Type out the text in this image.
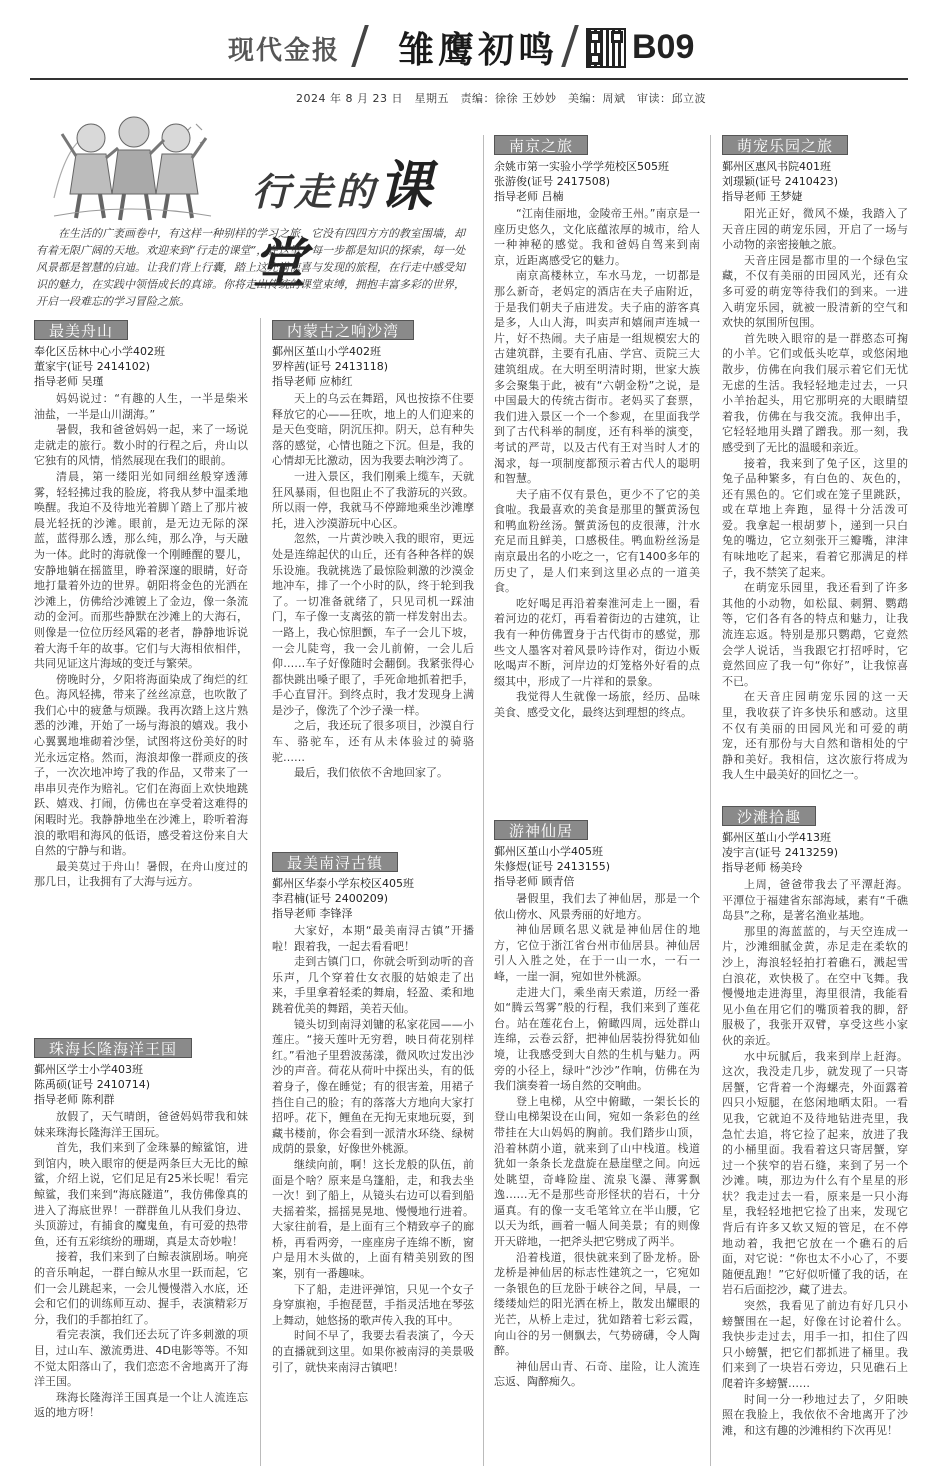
现代金报 雏鹰初鸣 B09
2024 年 8 月 23 日　星期五　责编：徐徐 王妙妙　美编：周斌　审读：邱立波
行走的课堂
在生活的广袤画卷中，有这样一种别样的学习之旅，它没有四四方方的教室围墙，却有着无限广阔的天地。欢迎来到“行走的课堂”，在这里，每一步都是知识的探索，每一处风景都是智慧的启迪。让我们背上行囊，踏上这充满惊喜与发现的旅程，在行走中感受知识的魅力，在实践中领悟成长的真谛。你将走出传统的课堂束缚，拥抱丰富多彩的世界，开启一段难忘的学习冒险之旅。
最美舟山
奉化区岳林中心小学402班
董家宇(证号 2414102)
指导老师 吴瑾

妈妈说过：“有趣的人生，一半是柴米油盐，一半是山川湖海。”

暑假，我和爸爸妈妈一起，来了一场说走就走的旅行。数小时的行程之后，舟山以它独有的风情，悄然展现在我们的眼前。

清晨，第一缕阳光如同细丝般穿透薄雾，轻轻拂过我的脸庞，将我从梦中温柔地唤醒。我迫不及待地光着脚丫踏上了那片被晨光轻抚的沙滩。眼前，是无边无际的深蓝，蓝得那么透，那么纯，那么净，与天融为一体。此时的海就像一个刚睡醒的婴儿，安静地躺在摇篮里，睁着深邃的眼睛，好奇地打量着外边的世界。朝阳将金色的光洒在沙滩上，仿佛给沙滩镀上了金边，像一条流动的金河。而那些静默在沙滩上的大海石，则像是一位位历经风霜的老者，静静地诉说着大海千年的故事。它们与大海相依相伴，共同见证这片海域的变迁与繁荣。

傍晚时分，夕阳将海面染成了绚烂的红色。海风轻拂，带来了丝丝凉意，也吹散了我们心中的疲惫与烦躁。我再次踏上这片熟悉的沙滩，开始了一场与海浪的嬉戏。我小心翼翼地堆砌着沙堡，试图将这份美好的时光永远定格。然而，海浪却像一群顽皮的孩子，一次次地冲垮了我的作品，又带来了一串串贝壳作为赔礼。它们在海面上欢快地跳跃、嬉戏、打闹，仿佛也在享受着这难得的闲暇时光。我静静地坐在沙滩上，聆听着海浪的歌唱和海风的低语，感受着这份来自大自然的宁静与和谐。

最美莫过于舟山！暑假，在舟山度过的那几日，让我拥有了大海与远方。

珠海长隆海洋王国
鄞州区学士小学403班
陈禹硕(证号 2410714)
指导老师 陈利群

放假了，天气晴朗，爸爸妈妈带我和妹妹来珠海长隆海洋王国玩。

首先，我们来到了金珠暴的鲸鲨馆，进到馆内，映入眼帘的便是两条巨大无比的鲸鲨，介绍上说，它们足足有25米长呢！看完鲸鲨，我们来到“海底隧道”，我仿佛像真的进入了海底世界！一群群鱼儿从我们身边、头顶游过，有捕食的魔鬼鱼，有可爱的热带鱼，还有五彩缤纷的珊瑚，真是太奇妙啦！

接着，我们来到了白鲸表演剧场。响亮的音乐响起，一群白鲸从水里一跃而起，它们一会儿跳起来，一会儿慢慢潜入水底，还会和它们的训练师互动、握手，表演精彩万分，我们的手都拍红了。

看完表演，我们还去玩了许多刺激的项目，过山车、激流勇进、4D电影等等。不知不觉太阳落山了，我们恋恋不舍地离开了海洋王国。

珠海长隆海洋王国真是一个让人流连忘返的地方呀！

内蒙古之响沙湾
鄞州区堇山小学402班
罗梓茜(证号 2413118)
指导老师 应柿红

天上的乌云在舞蹈，风也按捺不住要释放它的心——狂吹，地上的人们迎来的是天色变暗，阴沉压抑。阴天，总有种失落的感觉，心情也随之下沉。但是，我的心情却无比激动，因为我要去响沙湾了。

一进入景区，我们刚乘上缆车，天就狂风暴雨，但也阻止不了我游玩的兴致。所以雨一停，我就马不停蹄地乘坐沙滩摩托，进入沙漠游玩中心区。

忽然，一片黄沙映入我的眼帘，更远处是连绵起伏的山丘，还有各种各样的娱乐设施。我就挑选了最惊险刺激的沙漠金地冲车，排了一个小时的队，终于轮到我了。一切准备就绪了，只见司机一踩油门，车子像一支离弦的箭一样发射出去。一路上，我心惊胆颤，车子一会儿下坡，一会儿陡弯，我一会儿前俯，一会儿后仰……车子好像随时会翻倒。我紧张得心都快跳出嗓子眼了，手死命地抓着把手，手心直冒汗。到终点时，我才发现身上满是沙子，像洗了个沙子澡一样。

之后，我还玩了很多项目，沙漠自行车、骆驼车，还有从未体验过的骑骆驼……

最后，我们依依不舍地回家了。

最美南浔古镇
鄞州区华泰小学东校区405班
李君楠(证号 2400209)
指导老师 李锋泽

大家好，本期“最美南浔古镇”开播啦！跟着我，一起去看看吧！

走到古镇门口，你就会听到动听的音乐声，几个穿着仕女衣服的姑娘走了出来，手里拿着轻柔的舞扇，轻盈、柔和地跳着优美的舞蹈，美若天仙。

镜头切到南浔刘镛的私家花园——小莲庄。“接天莲叶无穷碧，映日荷花别样红。”看池子里碧波荡漾，微风吹过发出沙沙的声音。荷花从荷叶中探出头，有的低着身子，像在睡觉；有的很害羞，用裙子挡住自己的脸；有的落落大方地向大家打招呼。花下，鲤鱼在无拘无束地玩耍，到藏书楼前，你会看到一派清水环绕、绿树成荫的景象，好像世外桃源。

继续向前，啊！这长龙般的队伍，前面是个啥？原来是乌篷船，走，和我去坐一次！到了船上，从镜头右边可以看到船夫摇着桨，摇摇晃晃地、慢慢地行进着。大家往前看，是上面有三个精致亭子的廊桥，再看两旁，一座座房子连绵不断，窗户是用木头做的，上面有精美别致的图案，别有一番趣味。

下了船，走进评弹馆，只见一个女子身穿旗袍，手抱琵琶，手指灵活地在琴弦上舞动，她悠扬的歌声传入我的耳中。

时间不早了，我要去看表演了，今天的直播就到这里。如果你被南浔的美景吸引了，就快来南浔古镇吧！

南京之旅
余姚市第一实验小学学苑校区505班
张游俊(证号 2417508)
指导老师 吕楠

“江南佳丽地，金陵帝王州。”南京是一座历史悠久，文化底蕴浓厚的城市，给人一种神秘的感觉。我和爸妈自驾来到南京，近距离感受它的魅力。

南京高楼林立，车水马龙，一切都是那么新奇，老妈定的酒店在夫子庙附近，于是我们朝夫子庙进发。夫子庙的游客真是多，人山人海，叫卖声和嬉闹声连城一片，好不热闹。夫子庙是一组规模宏大的古建筑群，主要有孔庙、学宫、贡院三大建筑组成。在大明至明清时期，世家大族多会聚集于此，被有“六朝金粉”之说，是中国最大的传统古街市。老妈买了套票，我们进入景区一个一个参观，在里面我学到了古代科举的制度，还有科举的演变，考试的严苛，以及古代有王对当时人才的渴求，每一项制度都预示着古代人的聪明和智慧。

夫子庙不仅有景色，更少不了它的美食啦。我最喜欢的美食是那里的蟹黄汤包和鸭血粉丝汤。蟹黄汤包的皮很薄，汁水充足而且鲜美，口感极佳。鸭血粉丝汤是南京最出名的小吃之一，它有1400多年的历史了，是人们来到这里必点的一道美食。

吃好喝足再沿着秦淮河走上一圈，看着河边的花灯，再看着街边的古建筑，让我有一种仿佛置身于古代街市的感觉，那些文人墨客对着风景吟诗作对，街边小贩吆喝声不断，河岸边的灯笼格外好看的点缀其中，形成了一片祥和的景象。

我觉得人生就像一场旅，经历、品味美食、感受文化，最终达到理想的终点。

游神仙居
鄞州区堇山小学405班
朱修煜(证号 2413155)
指导老师 顾青倍

暑假里，我们去了神仙居，那是一个依山傍水、风景秀丽的好地方。

神仙居顾名思义就是神仙居住的地方，它位于浙江省台州市仙居县。神仙居引人入胜之处，在于一山一水，一石一峰，一崖一洞，宛如世外桃源。

走进大门，乘坐南天索道，历经一番如“腾云驾雾”般的行程，我们来到了莲花台。站在莲花台上，俯瞰四周，远处群山连绵，云卷云舒，把神仙居装扮得犹如仙境，让我感受到大自然的生机与魅力。两旁的小径上，绿叶“沙沙”作响，仿佛在为我们演奏着一场自然的交响曲。

登上电梯，从空中俯瞰，一架长长的登山电梯架设在山间，宛如一条彩色的丝带挂在大山妈妈的胸前。我们踏步山顶，沿着林荫小道，就来到了山中栈道。栈道犹如一条条长龙盘旋在悬崖壁之间。向远处眺望，奇峰险崖、流泉飞瀑、薄雾飘逸……无不是那些奇形怪状的岩石，十分逼真。有的像一支毛笔耸立在半山腰，它以天为纸，画着一幅人间美景；有的则像开天辟地，一把斧头把它劈成了两半。

沿着栈道，很快就来到了卧龙桥。卧龙桥是神仙居的标志性建筑之一，它宛如一条银色的巨龙卧于峡谷之间，早晨，一缕缕灿烂的阳光洒在桥上，散发出耀眼的光芒，从桥上走过，犹如踏着七彩云霞，向山谷的另一侧飘去，气势磅礴，令人陶醉。

神仙居山青、石奇、崖险，让人流连忘返、陶醉痴久。

萌宠乐园之旅
鄞州区惠风书院401班
刘璟颖(证号 2410423)
指导老师 王梦婕

阳光正好，微风不燥，我踏入了天音庄园的萌宠乐园，开启了一场与小动物的亲密接触之旅。

天音庄园是都市里的一个绿色宝藏，不仅有美丽的田园风光，还有众多可爱的萌宠等待我们的到来。一进入萌宠乐园，就被一股清新的空气和欢快的氛围所包围。

首先映入眼帘的是一群憨态可掬的小羊。它们或低头吃草，或悠闲地散步，仿佛在向我们展示着它们无忧无虑的生活。我轻轻地走过去，一只小羊抬起头，用它那明亮的大眼睛望着我，仿佛在与我交流。我伸出手，它轻轻地用头蹭了蹭我。那一刻，我感受到了无比的温暖和亲近。

接着，我来到了兔子区，这里的兔子品种繁多，有白色的、灰色的，还有黑色的。它们或在笼子里跳跃，或在草地上奔跑，显得十分活泼可爱。我拿起一根胡萝卜，递到一只白兔的嘴边，它立刻张开三瓣嘴，津津有味地吃了起来，看着它那满足的样子，我不禁笑了起来。

在萌宠乐园里，我还看到了许多其他的小动物，如松鼠、刺猬、鹦鹉等，它们各有各的特点和魅力，让我流连忘返。特别是那只鹦鹉，它竟然会学人说话，当我跟它打招呼时，它竟然回应了我一句“你好”，让我惊喜不已。

在天音庄园萌宠乐园的这一天里，我收获了许多快乐和感动。这里不仅有美丽的田园风光和可爱的萌宠，还有那份与大自然和谐相处的宁静和美好。我相信，这次旅行将成为我人生中最美好的回忆之一。

沙滩拾趣
鄞州区堇山小学413班
凌宇言(证号 2413259)
指导老师 杨美玲

上周，爸爸带我去了平潭赶海。平潭位于福建省东部海域，素有“千礁岛县”之称，是著名渔业基地。

那里的海蓝蓝的，与天空连成一片，沙滩细腻金黄，赤足走在柔软的沙上，海浪轻轻拍打着礁石，溅起雪白浪花，欢快极了。在空中飞舞。我慢慢地走进海里，海里很清，我能看见小鱼在用它们的嘴顶着我的脚，舒服极了，我张开双臂，享受这些小家伙的亲近。

水中玩腻后，我来到岸上赶海。这次，我没走几步，就发现了一只寄居蟹，它背着一个海螺壳，外面露着四只小短腿，在悠闲地晒太阳。一看见我，它就迫不及待地钻进壳里，我急忙去追，将它捡了起来，放进了我的小桶里面。我看着这只寄居蟹，穿过一个狭窄的岩石缝，来到了另一个沙滩。咦，那边为什么有个星星的形状？我走过去一看，原来是一只小海星，我轻轻地把它捡了出来，发现它背后有许多又软又短的管足，在不停地动着，我把它放在一个礁石的后面，对它说：“你也太不小心了，不要随便乱跑！”它好似听懂了我的话，在岩石后面挖沙，藏了进去。

突然，我看见了前边有好几只小螃蟹围在一起，好像在讨论着什么。我快步走过去，用手一扣，扣住了四只小螃蟹，把它们都抓进了桶里。我们来到了一块岩石旁边，只见礁石上爬着许多螃蟹……

时间一分一秒地过去了，夕阳映照在我脸上，我依依不舍地离开了沙滩，和这有趣的沙滩相约下次再见！
